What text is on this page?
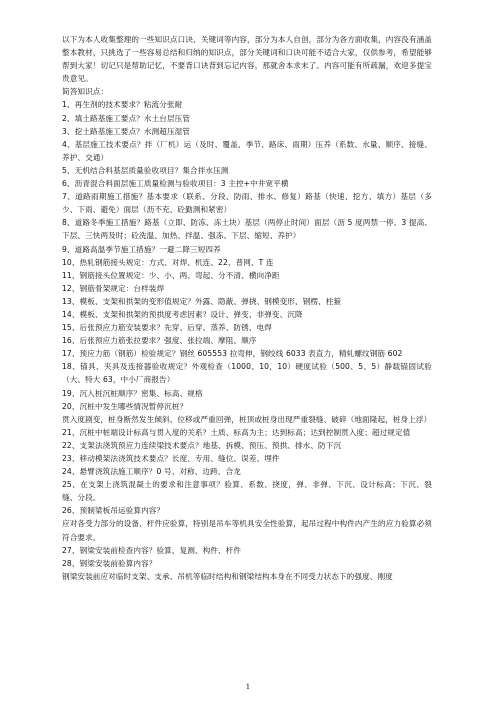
以下为本人收集整理的一些知识点口诀、关键词等内容，部分为本人自创，部分为各方面收集，内容没有涵盖整本教材，只挑选了一些容易总结和归纳的知识点，部分关键词和口诀可能不适合大家，仅供参考，希望能够帮到大家！切记只是帮助记忆，不要背口诀背到忘记内容，那就舍本求末了。内容可能有所疏漏，欢迎多提宝贵意见。
简答知识点：
1、再生剂的技术要求？粘流分张耐
2、填土路基施工要点？水土台层压管
3、挖土路基施工要点？水测超压湿管
4、基层施工技术要点？拌（厂机）运（及时、覆盖、季节、路床、雨期）压养（系数、水量、顺序、接缝、养护、交通）
5、无机结合料基层质量验收项目？集合拌水压测
6、沥青混合料面层施工质量检测与验收项目：3 主控+中井宽平横
7、道路雨期施工措施？基本要求（联系、分段、防雨、排水、修复）路基（快速、挖方、填方）基层（多少、下雨、避免）面层（沥不充、砼勤测和紧密）
8、道路冬季施工措施？路基（立即、防冻、冻土块）基层（两停止时间）面层（沥 5 度两禁一停、3 提高、下层、三快两及时；砼洗温、加热、拌温、强冻、下层、缩短、养护）
9、道路高温季节施工措施？一避二降三短四养
10、热轧钢筋接头规定：方式、对焊、机连、22、普网、T 连
11、钢筋接头位置规定：少、小、两、弯起、分不清、横向净距
12、钢筋骨架规定：台样装焊
13、模板、支架和拱架的变形值规定？外露、隐蔽、弹挠、钢模变形、钢楞、柱箍
14、模板、支架和拱架的预拱度考虑因素？设计、弹变、非弹变、沉降
15、后张预应力筋安装要求？先穿、后穿、蒸养、防锈、电焊
16、后张预应力筋张拉要求？强度、张拉端、摩阻、顺序
17、预应力筋（钢筋）检验规定？钢丝 605553 拉弯伸，钢绞线 6033 表直力，精轧螺纹钢筋 602
18、锚具、夹具及连接器验收规定？外观检查（1000、10，10）硬度试验（500、5、5）静载锚固试验（大、特大 63，中小厂商报告）
19、沉入桩沉桩顺序？密集、标高、规格
20、沉桩中发生哪些情况暂停沉桩？
贯入度剧变，桩身断然发生倾斜、位移或严重回弹，桩顶或桩身出现严重裂缝、破碎（地面隆起，桩身上浮）
21、沉桩中桩端设计标高与贯入度的关系？土质、标高为主；达到标高；达到控制贯入度；超过规定值
22、支架法浇筑预应力连续梁技术要点？地基、拆模、预压、预拱、排水、防下沉
23、移动模架法浇筑技术要点？长度、专用、缝位、误差、埋件
24、悬臂浇筑法施工顺序？0 号、对称、边跨、合龙
25、在支架上浇筑混凝土的要求和注意事项？验算、系数、挠度，弹、非弹、下沉、设计标高；下沉、裂缝、分段。
26、预制梁板吊运验算内容？
应对各受力部分的设备、杆件应验算，特别是吊车等机具安全性验算，起吊过程中构件内产生的应力验算必须符合要求。
27、钢梁安装前检查内容？验算、复测、构件、杆件
28、钢梁安装前验算内容？
钢梁安装前应对临时支架、支承、吊机等临时结构和钢梁结构本身在不同受力状态下的强度、刚度
1
